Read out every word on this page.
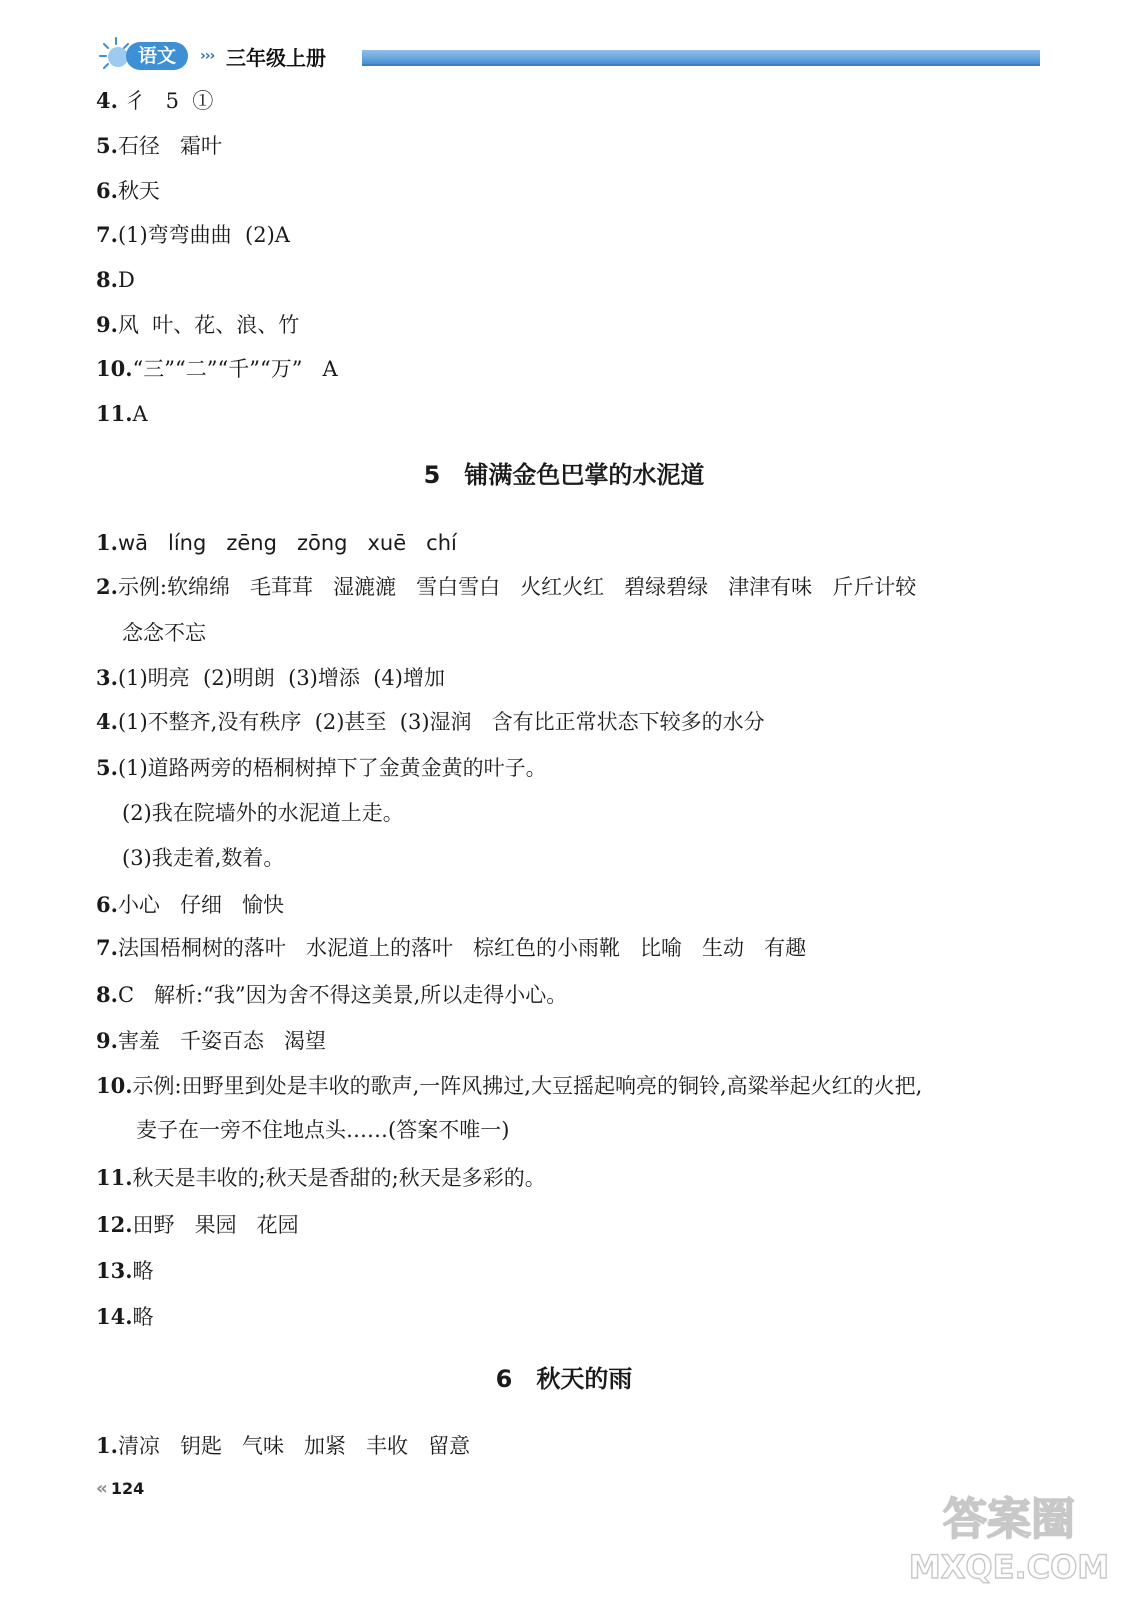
语文	››› 三年级上册
4. 彳   5  ①
5.石径   霜叶
6.秋天
7.(1)弯弯曲曲  (2)A
8.D
9.风  叶、花、浪、竹
10.“三”“二”“千”“万”   A
11.A
5 铺满金色巴掌的水泥道
1.wā   líng   zēng   zōng   xuē   chí
2.示例:软绵绵   毛茸茸   湿漉漉   雪白雪白   火红火红   碧绿碧绿   津津有味   斤斤计较
念念不忘
3.(1)明亮  (2)明朗  (3)增添  (4)增加
4.(1)不整齐,没有秩序  (2)甚至  (3)湿润   含有比正常状态下较多的水分
5.(1)道路两旁的梧桐树掉下了金黄金黄的叶子。
(2)我在院墙外的水泥道上走。
(3)我走着,数着。
6.小心   仔细   愉快
7.法国梧桐树的落叶   水泥道上的落叶   棕红色的小雨靴   比喻   生动   有趣
8.C   解析:“我”因为舍不得这美景,所以走得小心。
9.害羞   千姿百态   渴望
10.示例:田野里到处是丰收的歌声,一阵风拂过,大豆摇起响亮的铜铃,高粱举起火红的火把,
麦子在一旁不住地点头……(答案不唯一)
11.秋天是丰收的;秋天是香甜的;秋天是多彩的。
12.田野   果园   花园
13.略
14.略
6 秋天的雨
1.清凉   钥匙   气味   加紧   丰收   留意
‹‹ 124
答案圈
MXQE.COM
